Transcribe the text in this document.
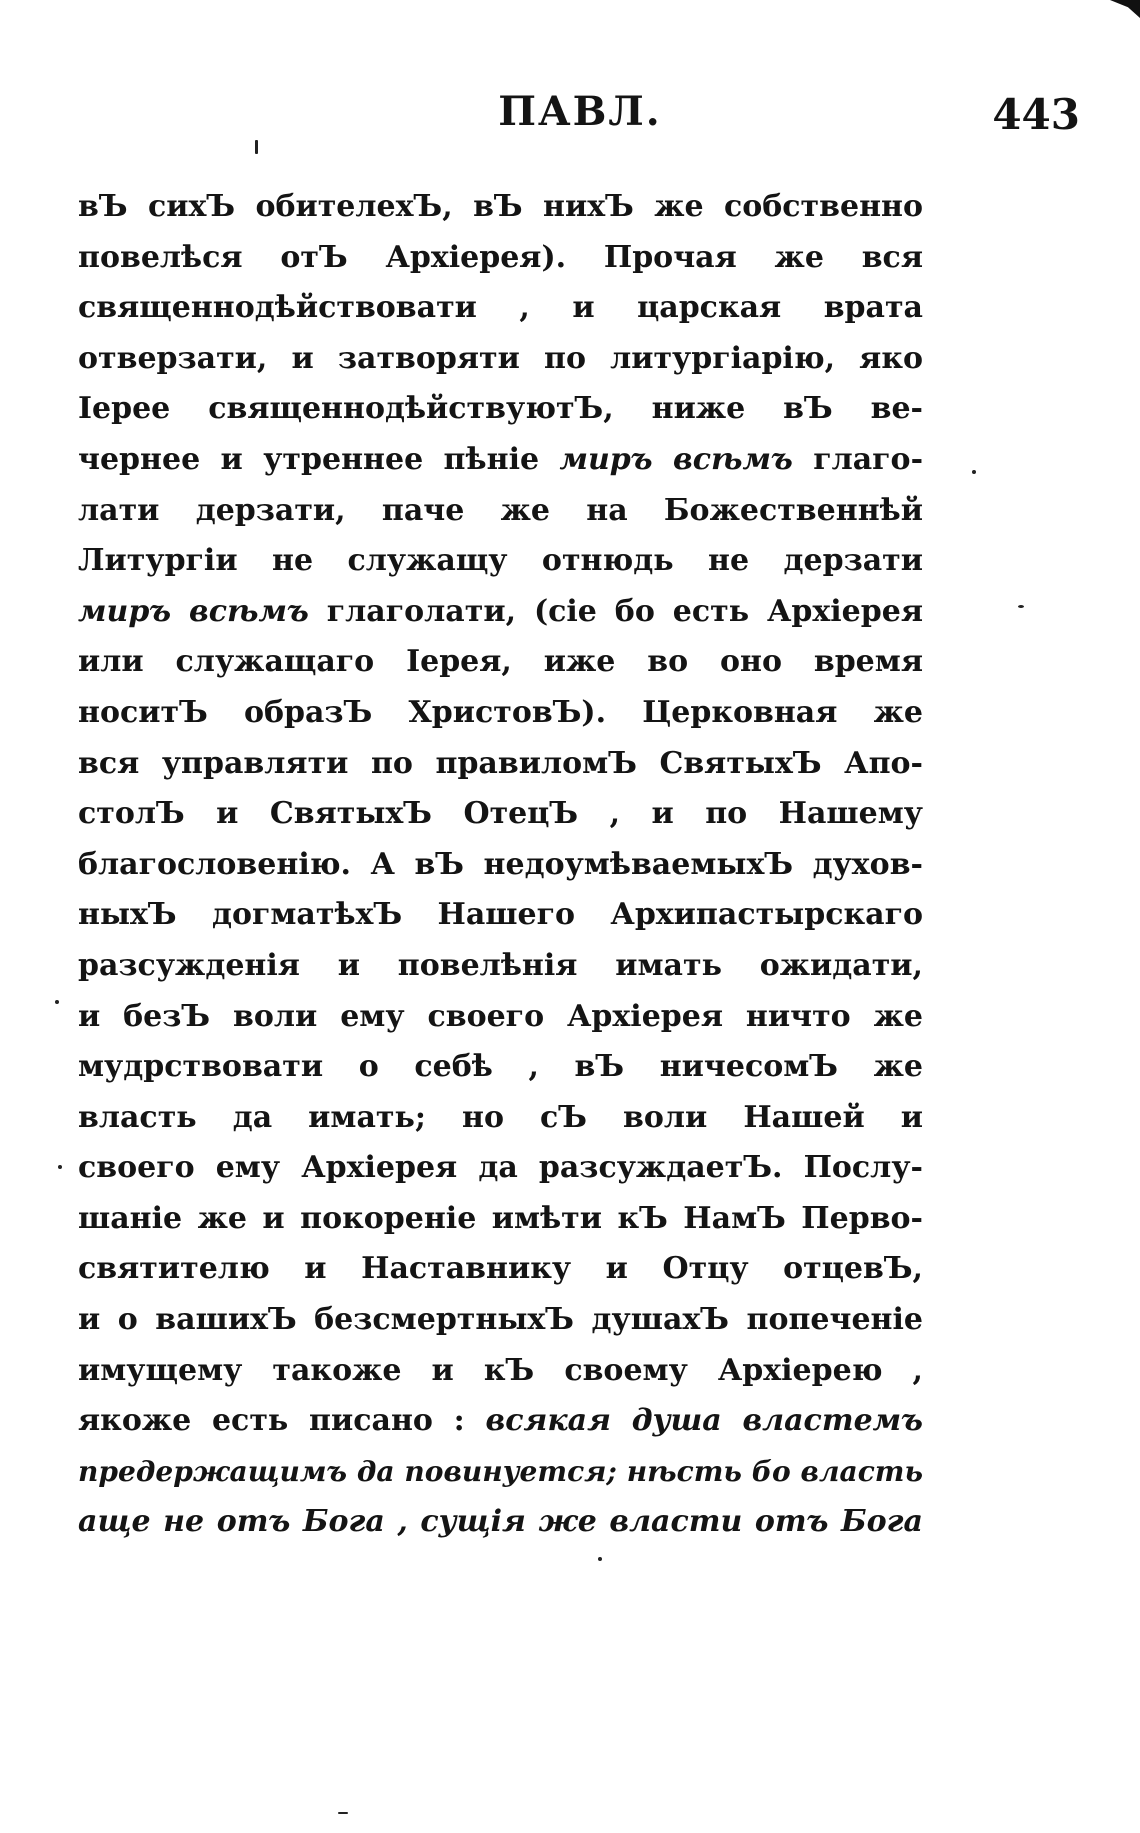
ПАВЛ.	443
вЪ сихЪ обителехЪ, вЪ нихЪ же собственно
повелѣся отЪ Архіерея). Прочая же вся
священнодѣйствовати , и царская врата
отверзати, и затворяти по литургіарію, яко
Іерее священнодѣйствуютЪ, ниже вЪ ве-
чернее и утреннее пѣніе миръ всѣмъ глаго-
лати дерзати, паче же на Божественнѣй
Литургіи не служащу отнюдь не дерзати
миръ всѣмъ глаголати, (сіе бо есть Архіерея
или служащаго Іерея, иже во оно время
носитЪ образЪ ХристовЪ). Церковная же
вся управляти по правиломЪ СвятыхЪ Апо-
столЪ и СвятыхЪ ОтецЪ , и по Нашему
благословенію. А вЪ недоумѣваемыхЪ духов-
ныхЪ догматѣхЪ Нашего Архипастырскаго
разсужденія и повелѣнія имать ожидати,
и безЪ воли ему своего Архіерея ничто же
мудрствовати о себѣ , вЪ ничесомЪ же
власть да имать; но сЪ воли Нашей и
своего ему Архіерея да разсуждаетЪ. Послу-
шаніе же и покореніе имѣти кЪ НамЪ Перво-
святителю и Наставнику и Отцу отцевЪ,
и о вашихЪ безсмертныхЪ душахЪ попеченіе
имущему такоже и кЪ своему Архіерею ,
якоже есть писано : всякая душа властемъ
предержащимъ да повинуется; нѣсть бо власть
аще не отъ Бога , сущія же власти отъ Бога
